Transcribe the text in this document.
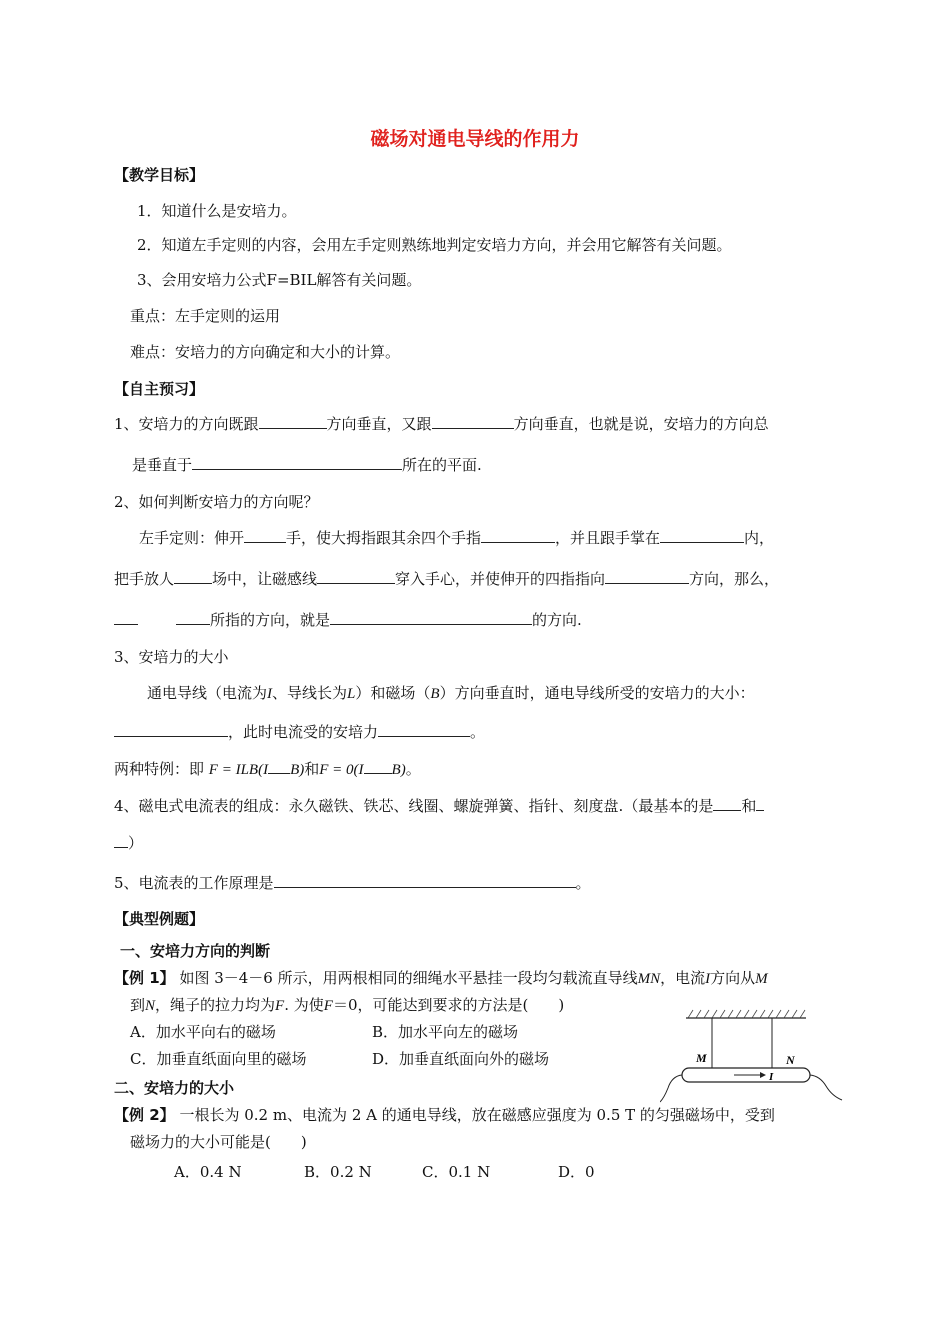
磁场对通电导线的作用力
【教学目标】
1．知道什么是安培力。
2．知道左手定则的内容，会用左手定则熟练地判定安培力方向，并会用它解答有关问题。
3、会用安培力公式F=BIL解答有关问题。
重点：左手定则的运用
难点：安培力的方向确定和大小的计算。
【自主预习】
1、安培力的方向既跟	方向垂直，又跟	方向垂直，也就是说，安培力的方向总
是垂直于	所在的平面.
2、如何判断安培力的方向呢？
左手定则：伸开	手，使大拇指跟其余四个手指	，并且跟手掌在	内，
把手放人	场中，让磁感线	穿入手心，并使伸开的四指指向	方向，那么，
所指的方向，就是	的方向.
3、安培力的大小
通电导线（电流为I、导线长为L）和磁场（B）方向垂直时，通电导线所受的安培力的大小：
，此时电流受的安培力	。
两种特例：即 F = ILB(I B)和F = 0(I B)。
4、磁电式电流表的组成：永久磁铁、铁芯、线圈、螺旋弹簧、指针、刻度盘.（最基本的是 和
）
5、电流表的工作原理是	。
【典型例题】
一、安培力方向的判断
【例 1】 如图 3－4－6 所示，用两根相同的细绳水平悬挂一段均匀载流直导线MN，电流I方向从M
到N，绳子的拉力均为F. 为使F＝0，可能达到要求的方法是(　　)
A．加水平向右的磁场	B．加水平向左的磁场
C．加垂直纸面向里的磁场	D．加垂直纸面向外的磁场
二、安培力的大小
【例 2】 一根长为 0.2 m、电流为 2 A 的通电导线，放在磁感应强度为 0.5 T 的匀强磁场中，受到
磁场力的大小可能是(　　)
A．0.4 N	B．0.2 N	C．0.1 N	D．0
M	N
I
